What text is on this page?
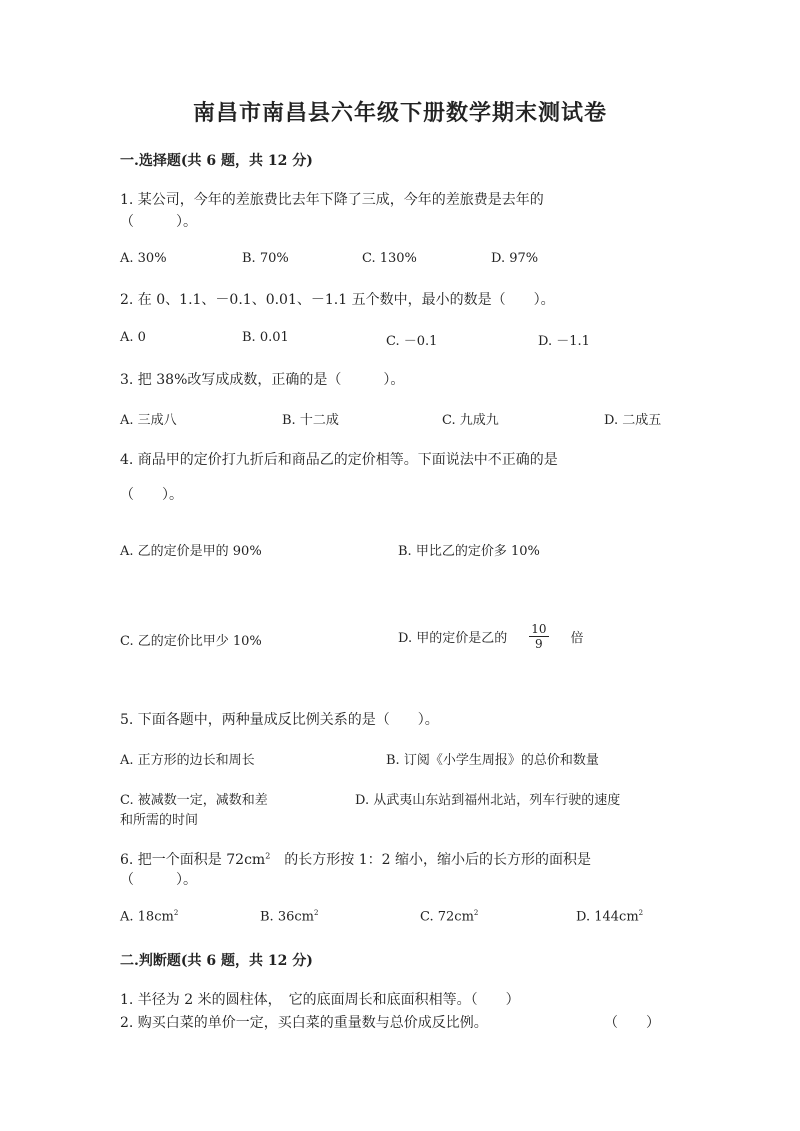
南昌市南昌县六年级下册数学期末测试卷
一.选择题(共 6 题，共 12 分)
1. 某公司，今年的差旅费比去年下降了三成，今年的差旅费是去年的
（　　　）。
A. 30%	B. 70%	C. 130%	D. 97%
2. 在 0、1.1、－0.1、0.01、－1.1 五个数中，最小的数是（　　）。
A. 0	B. 0.01	C. －0.1	D. －1.1
3. 把 38%改写成成数，正确的是（　　　）。
A. 三成八	B. 十二成	C. 九成九	D. 二成五
4. 商品甲的定价打九折后和商品乙的定价相等。下面说法中不正确的是
（　　）。
A. 乙的定价是甲的 90%	B. 甲比乙的定价多 10%
C. 乙的定价比甲少 10%	D. 甲的定价是乙的 $\frac{10}{9}$ 倍
5. 下面各题中，两种量成反比例关系的是（　　）。
A. 正方形的边长和周长	B. 订阅《小学生周报》的总价和数量
C. 被减数一定，减数和差	D. 从武夷山东站到福州北站，列车行驶的速度
和所需的时间
6. 把一个面积是 $72cm^2$ 的长方形按 1：2 缩小，缩小后的长方形的面积是
（　　　）。
A. $18cm^2$	B. $36cm^2$	C. $72cm^2$	D. $144cm^2$
二.判断题(共 6 题，共 12 分)
1. 半径为 2 米的圆柱体，　它的底面周长和底面积相等。（　　）
2. 购买白菜的单价一定，买白菜的重量数与总价成反比例。	（　　）
